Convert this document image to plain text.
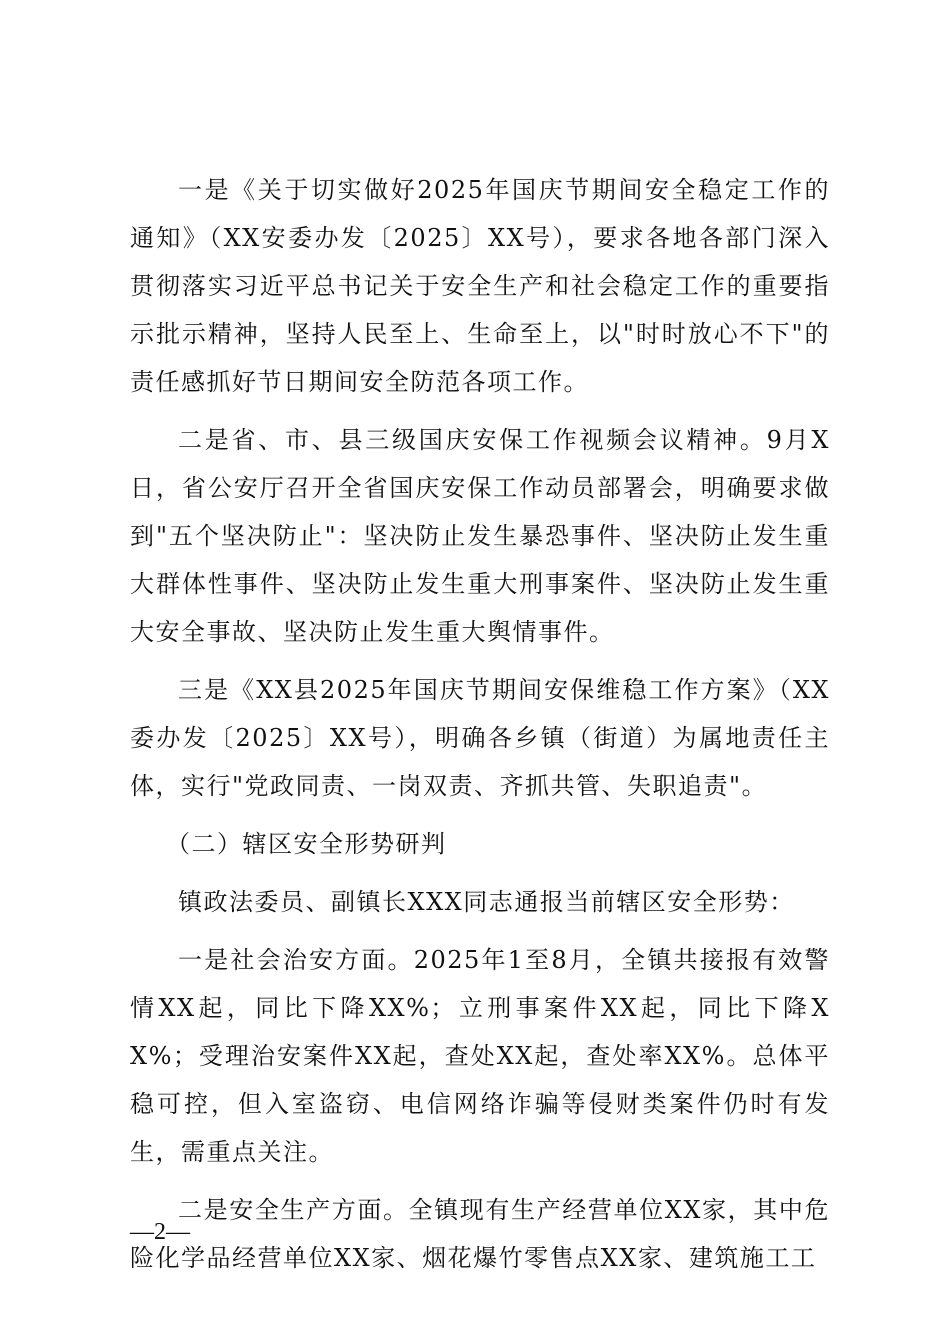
一是《关于切实做好2025年国庆节期间安全稳定工作的通知》（XX安委办发〔2025〕XX号），要求各地各部门深入贯彻落实习近平总书记关于安全生产和社会稳定工作的重要指示批示精神，坚持人民至上、生命至上，以"时时放心不下"的责任感抓好节日期间安全防范各项工作。

二是省、市、县三级国庆安保工作视频会议精神。9月X日，省公安厅召开全省国庆安保工作动员部署会，明确要求做到"五个坚决防止"：坚决防止发生暴恐事件、坚决防止发生重大群体性事件、坚决防止发生重大刑事案件、坚决防止发生重大安全事故、坚决防止发生重大舆情事件。

三是《XX县2025年国庆节期间安保维稳工作方案》（XX委办发〔2025〕XX号），明确各乡镇（街道）为属地责任主体，实行"党政同责、一岗双责、齐抓共管、失职追责"。

（二）辖区安全形势研判

镇政法委员、副镇长XXX同志通报当前辖区安全形势：

一是社会治安方面。2025年1至8月，全镇共接报有效警情XX起，同比下降XX%；立刑事案件XX起，同比下降XX%；受理治安案件XX起，查处XX起，查处率XX%。总体平稳可控，但入室盗窃、电信网络诈骗等侵财类案件仍时有发生，需重点关注。

二是安全生产方面。全镇现有生产经营单位XX家，其中危险化学品经营单位XX家、烟花爆竹零售点XX家、建筑施工工

—2—
